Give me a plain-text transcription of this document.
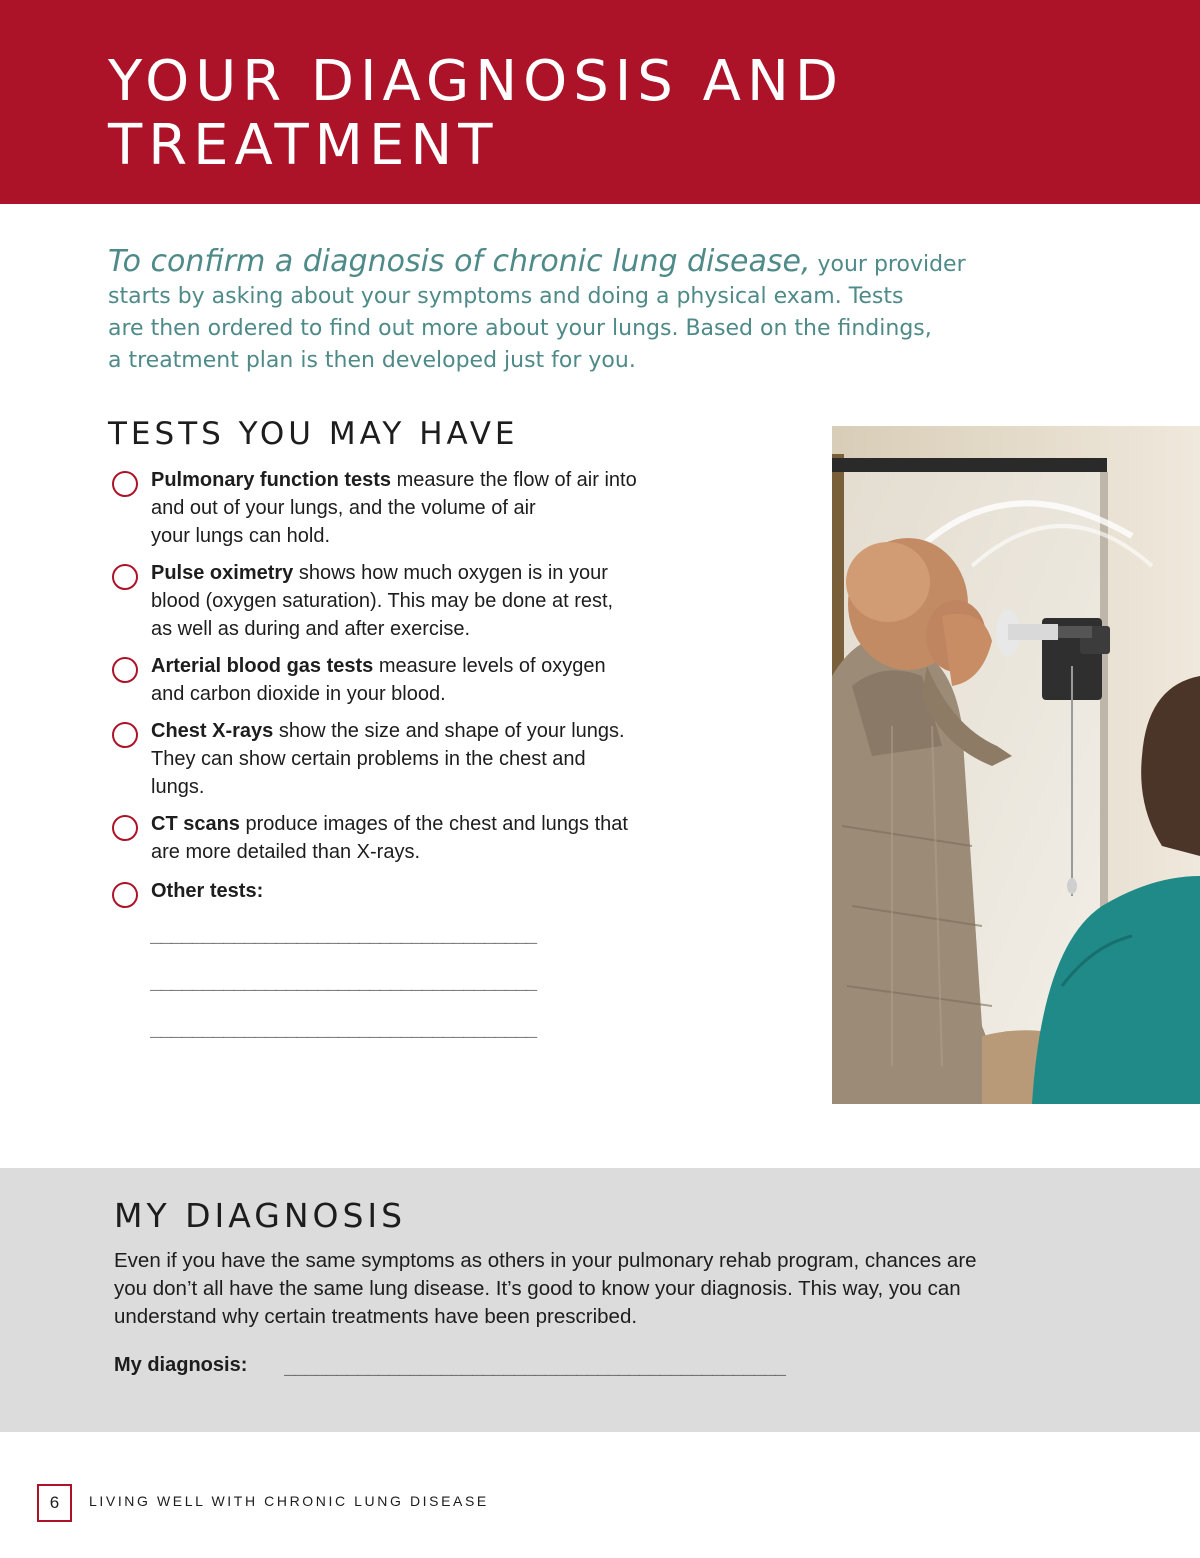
YOUR DIAGNOSIS AND
TREATMENT
To confirm a diagnosis of chronic lung disease, your provider
starts by asking about your symptoms and doing a physical exam. Tests
are then ordered to find out more about your lungs. Based on the findings,
a treatment plan is then developed just for you.
TESTS YOU MAY HAVE
Pulmonary function tests measure the flow of air into
and out of your lungs, and the volume of air
your lungs can hold.
Pulse oximetry shows how much oxygen is in your
blood (oxygen saturation). This may be done at rest,
as well as during and after exercise.
Arterial blood gas tests measure levels of oxygen
and carbon dioxide in your blood.
Chest X-rays show the size and shape of your lungs.
They can show certain problems in the chest and
lungs.
CT scans produce images of the chest and lungs that
are more detailed than X-rays.
Other tests:
_____________________________________
_____________________________________
_____________________________________
MY DIAGNOSIS
Even if you have the same symptoms as others in your pulmonary rehab program, chances are
you don’t all have the same lung disease. It’s good to know your diagnosis. This way, you can
understand why certain treatments have been prescribed.
My diagnosis: ________________________________________________
6	LIVING WELL WITH CHRONIC LUNG DISEASE
